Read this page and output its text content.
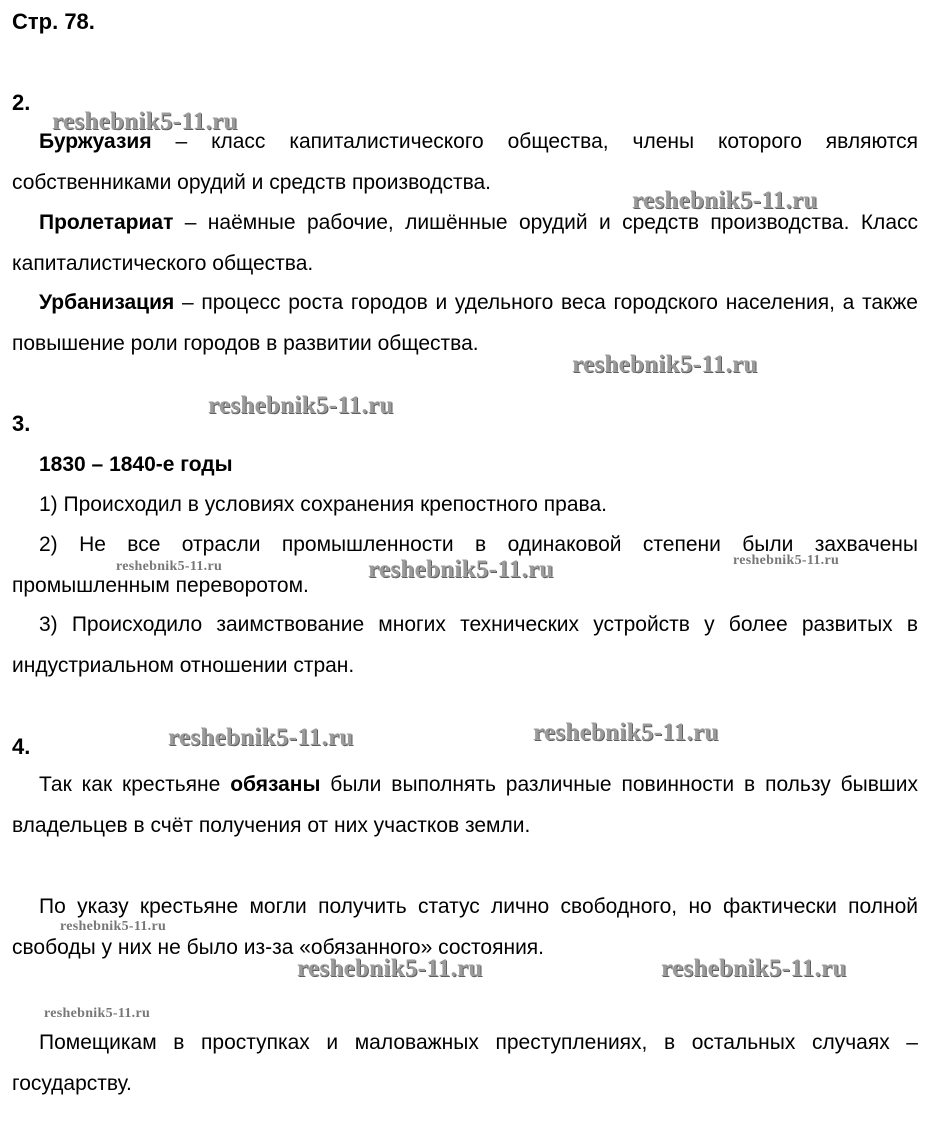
Стр. 78.
2.
Буржуазия – класс капиталистического общества, члены которого являются собственниками орудий и средств производства.
Пролетариат – наёмные рабочие, лишённые орудий и средств производства. Класс капиталистического общества.
Урбанизация – процесс роста городов и удельного веса городского населения, а также повышение роли городов в развитии общества.
3.
1830 – 1840-е годы
1) Происходил в условиях сохранения крепостного права.
2) Не все отрасли промышленности в одинаковой степени были захвачены промышленным переворотом.
3) Происходило заимствование многих технических устройств у более развитых в индустриальном отношении стран.
4.
Так как крестьяне обязаны были выполнять различные повинности в пользу бывших владельцев в счёт получения от них участков земли.
По указу крестьяне могли получить статус лично свободного, но фактически полной свободы у них не было из-за «обязанного» состояния.
Помещикам в проступках и маловажных преступлениях, в остальных случаях – государству.
reshebnik5-11.ru
reshebnik5-11.ru
reshebnik5-11.ru
reshebnik5-11.ru
reshebnik5-11.ru	reshebnik5-11.ru	reshebnik5-11.ru
reshebnik5-11.ru	reshebnik5-11.ru
reshebnik5-11.ru
reshebnik5-11.ru	reshebnik5-11.ru
reshebnik5-11.ru
